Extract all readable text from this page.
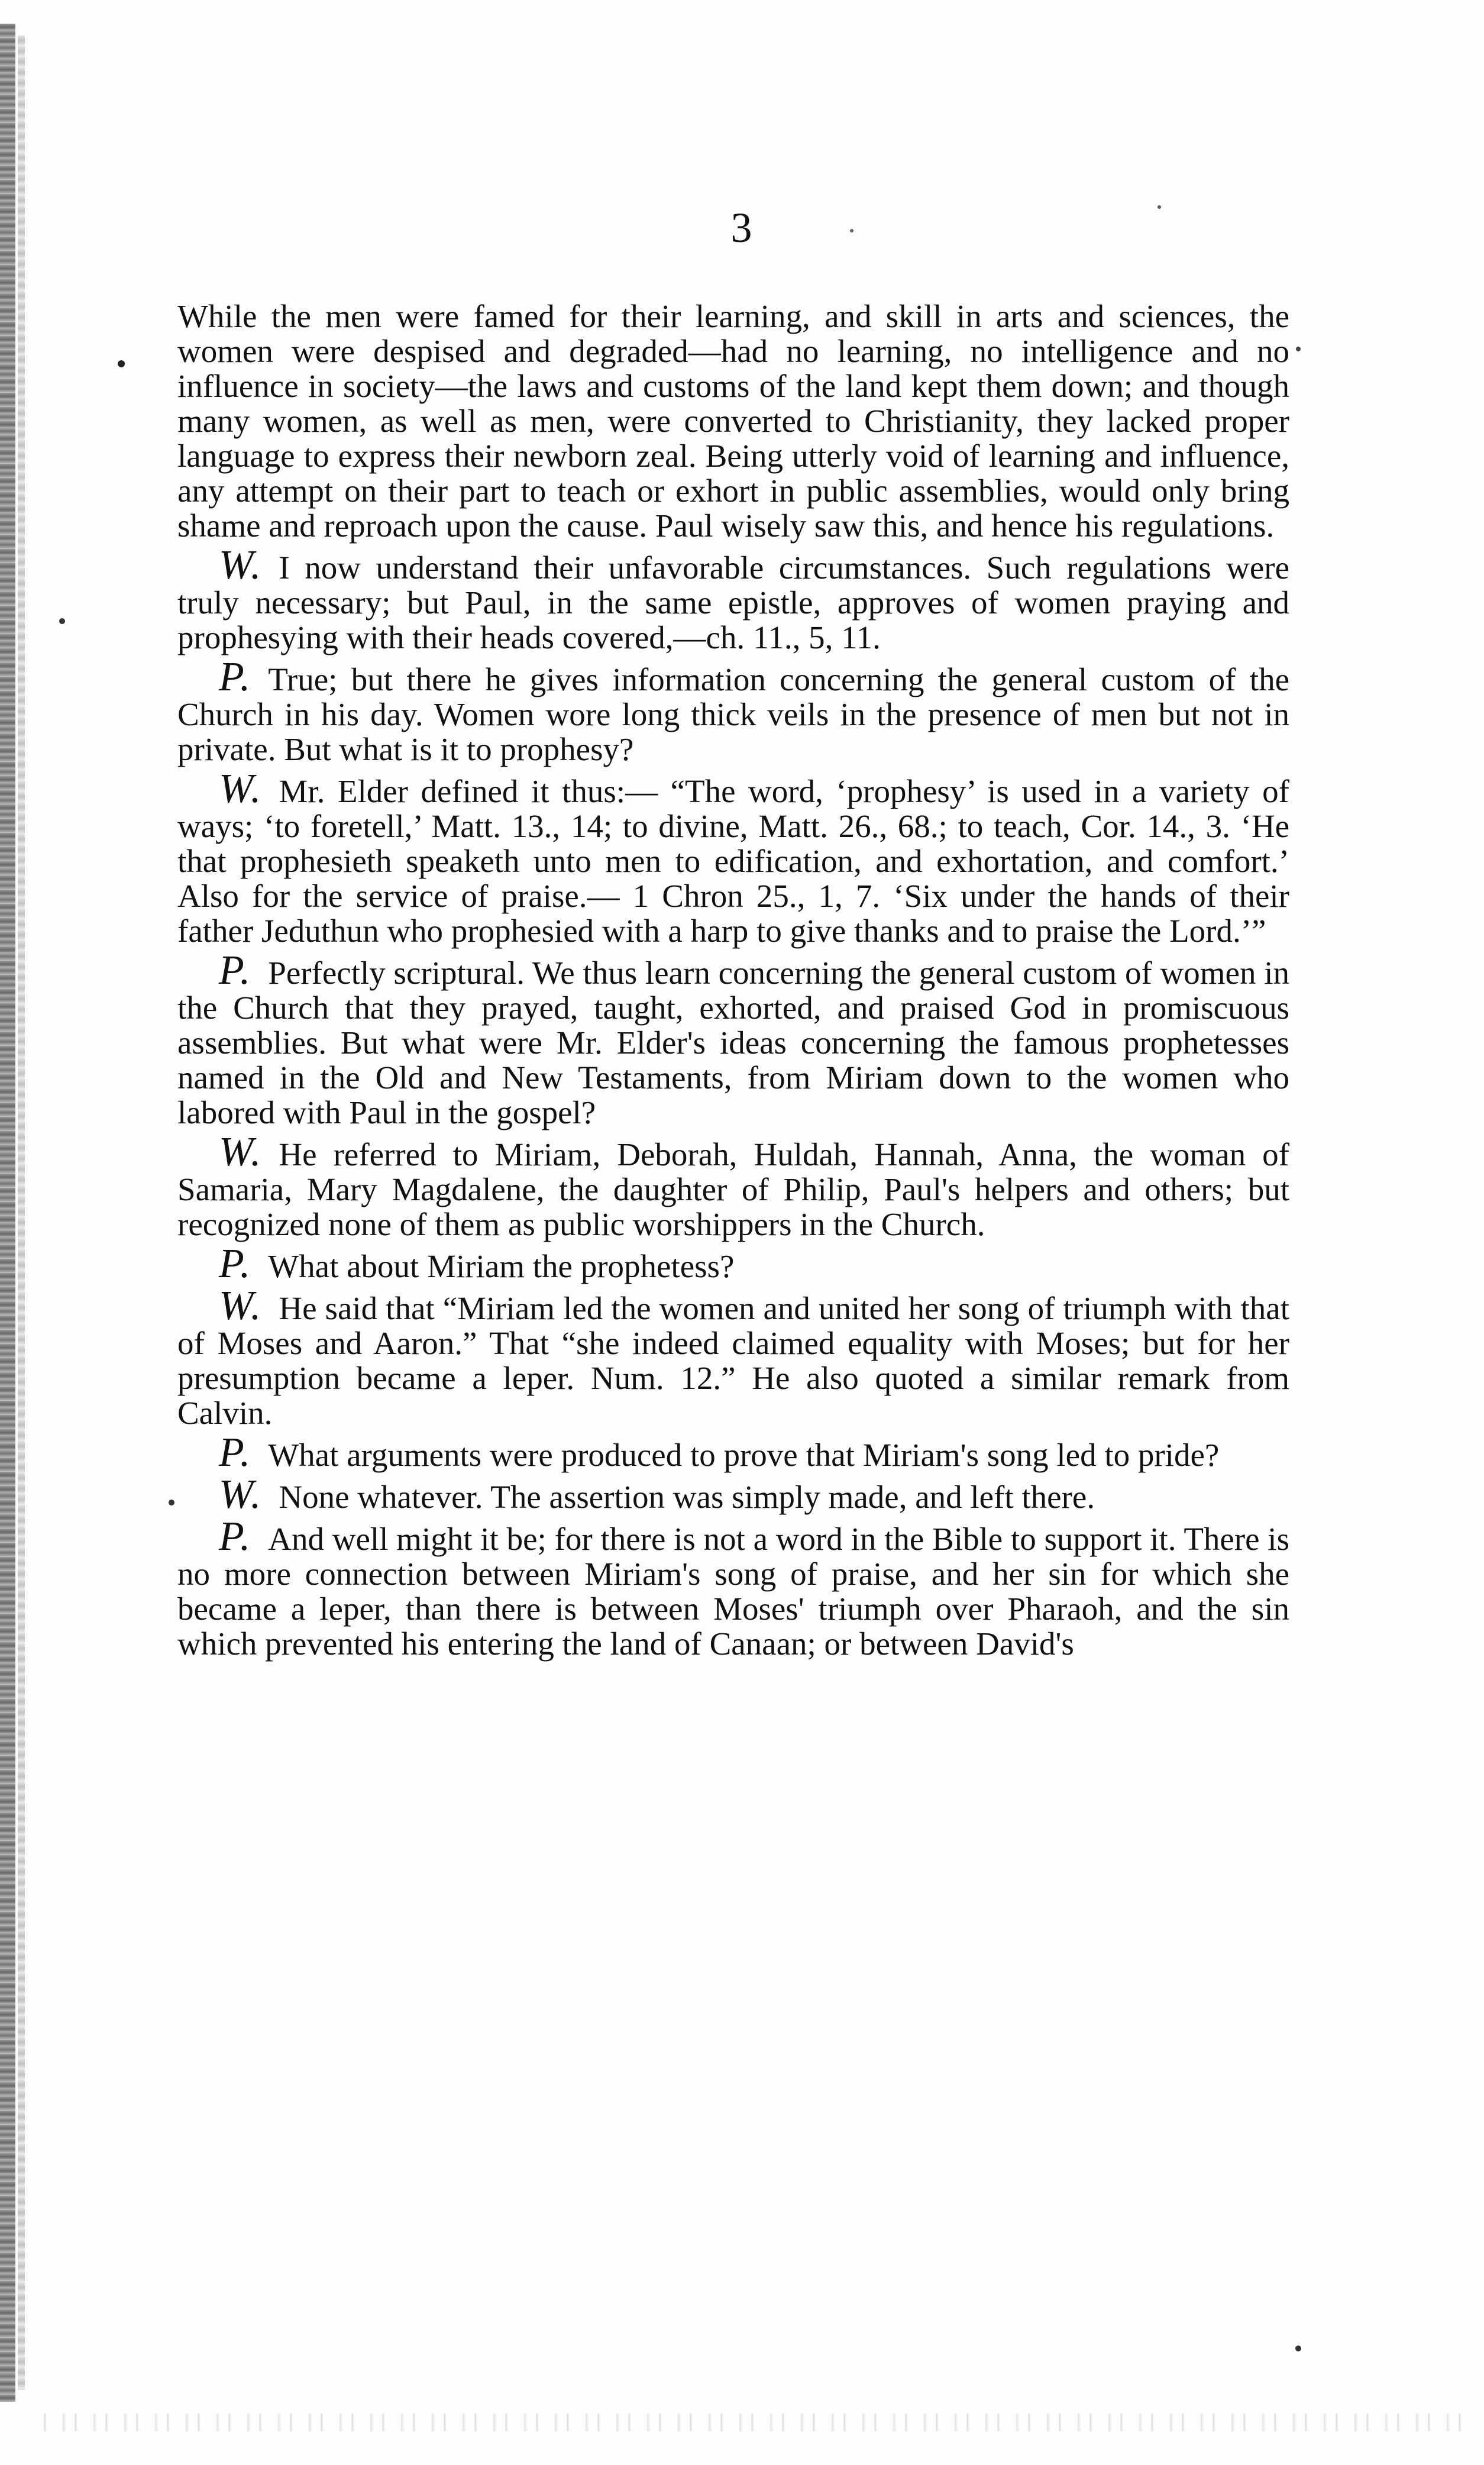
3

While the men were famed for their learning, and skill in arts and sciences, the women were despised and degraded—had no learning, no intelligence and no influence in society—the laws and customs of the land kept them down; and though many women, as well as men, were converted to Christianity, they lacked proper language to express their newborn zeal. Being utterly void of learning and influence, any attempt on their part to teach or exhort in public assemblies, would only bring shame and reproach upon the cause. Paul wisely saw this, and hence his regulations.

W. I now understand their unfavorable circumstances. Such regulations were truly necessary; but Paul, in the same epistle, approves of women praying and prophesying with their heads covered,—ch. 11., 5, 11.

P. True; but there he gives information concerning the general custom of the Church in his day. Women wore long thick veils in the presence of men but not in private. But what is it to prophesy?

W. Mr. Elder defined it thus:— “The word, ‘prophesy’ is used in a variety of ways; ‘to foretell,’ Matt. 13., 14; to divine, Matt. 26., 68.; to teach, Cor. 14., 3. ‘He that prophesieth speaketh unto men to edification, and exhortation, and comfort.’ Also for the service of praise.— 1 Chron 25., 1, 7. ‘Six under the hands of their father Jeduthun who prophesied with a harp to give thanks and to praise the Lord.’”

P. Perfectly scriptural. We thus learn concerning the general custom of women in the Church that they prayed, taught, exhorted, and praised God in promiscuous assemblies. But what were Mr. Elder's ideas concerning the famous prophetesses named in the Old and New Testaments, from Miriam down to the women who labored with Paul in the gospel?

W. He referred to Miriam, Deborah, Huldah, Hannah, Anna, the woman of Samaria, Mary Magdalene, the daughter of Philip, Paul's helpers and others; but recognized none of them as public worshippers in the Church.

P. What about Miriam the prophetess?

W. He said that “Miriam led the women and united her song of triumph with that of Moses and Aaron.” That “she indeed claimed equality with Moses; but for her presumption became a leper. Num. 12.” He also quoted a similar remark from Calvin.

P. What arguments were produced to prove that Miriam's song led to pride?

W. None whatever. The assertion was simply made, and left there.

P. And well might it be; for there is not a word in the Bible to support it. There is no more connection between Miriam's song of praise, and her sin for which she became a leper, than there is between Moses' triumph over Pharaoh, and the sin which prevented his entering the land of Canaan; or between David's
